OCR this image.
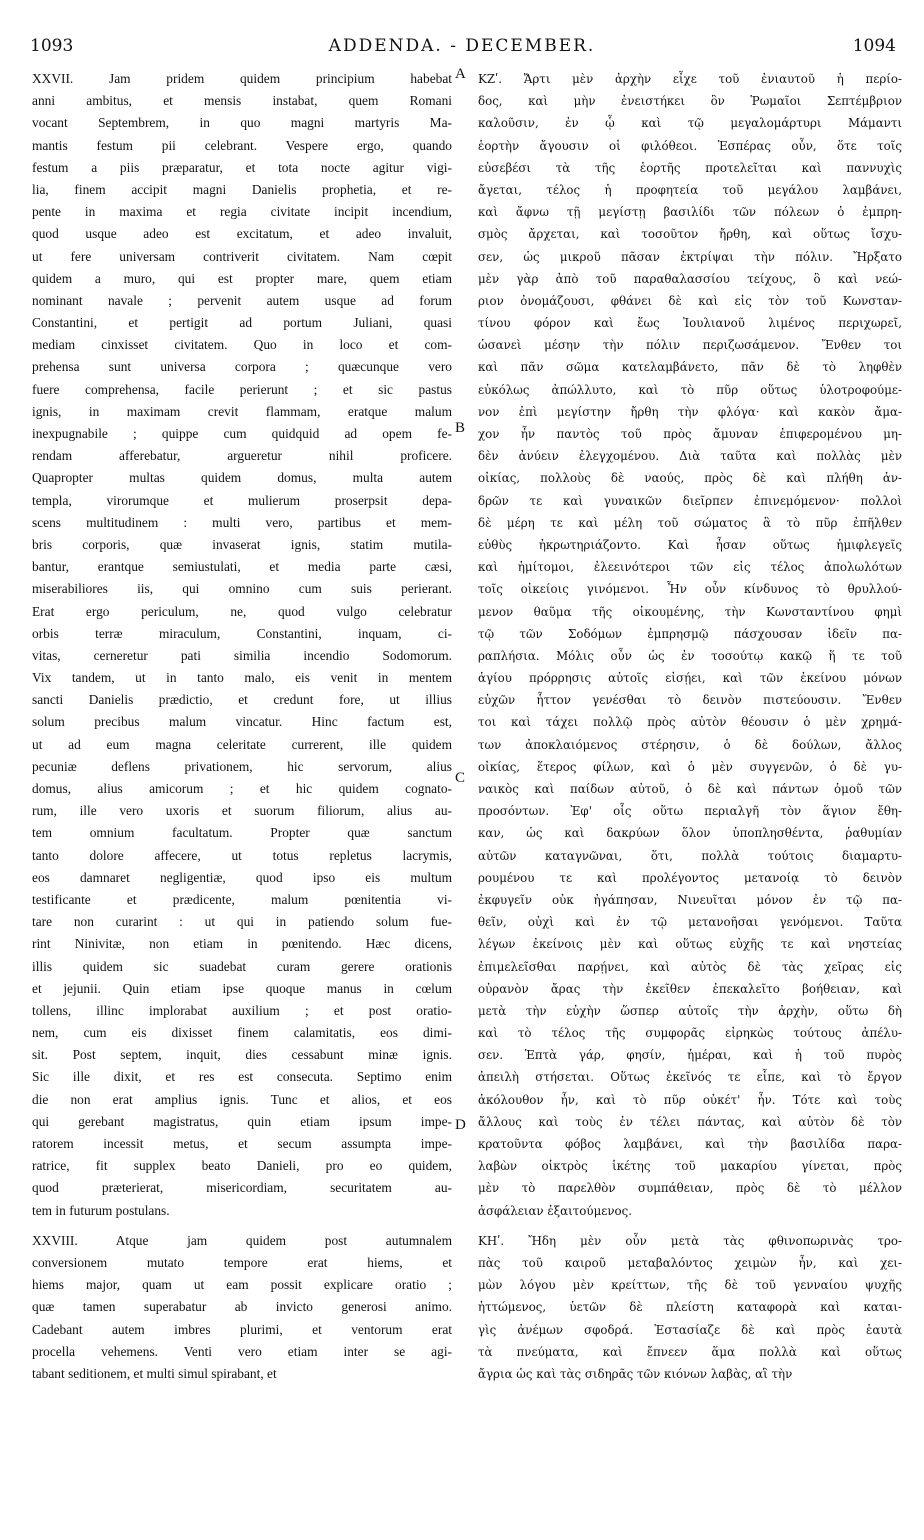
1093	ADDENDA. - DECEMBER.	1094
XXVII. Jam pridem quidem principium habebat
anni ambitus, et mensis instabat, quem Romani
vocant Septembrem, in quo magni martyris Ma-
mantis festum pii celebrant. Vespere ergo, quando
festum a piis præparatur, et tota nocte agitur vigi-
lia, finem accipit magni Danielis prophetia, et re-
pente in maxima et regia civitate incipit incendium,
quod usque adeo est excitatum, et adeo invaluit,
ut fere universam contriverit civitatem. Nam cœpit
quidem a muro, qui est propter mare, quem etiam
nominant navale ; pervenit autem usque ad forum
Constantini, et pertigit ad portum Juliani, quasi
mediam cinxisset civitatem. Quo in loco et com-
prehensa sunt universa corpora ; quæcunque vero
fuere comprehensa, facile perierunt ; et sic pastus
ignis, in maximam crevit flammam, eratque malum
inexpugnabile ; quippe cum quidquid ad opem fe-
rendam afferebatur, argueretur nihil proficere.
Quapropter multas quidem domus, multa autem
templa, virorumque et mulierum proserpsit depa-
scens multitudinem : multi vero, partibus et mem-
bris corporis, quæ invaserat ignis, statim mutila-
bantur, erantque semiustulati, et media parte cæsi,
miserabiliores iis, qui omnino cum suis perierant.
Erat ergo periculum, ne, quod vulgo celebratur
orbis terræ miraculum, Constantini, inquam, ci-
vitas, cerneretur pati similia incendio Sodomorum.
Vix tandem, ut in tanto malo, eis venit in mentem
sancti Danielis prædictio, et credunt fore, ut illius
solum precibus malum vincatur. Hinc factum est,
ut ad eum magna celeritate currerent, ille quidem
pecuniæ deflens privationem, hic servorum, alius
domus, alius amicorum ; et hic quidem cognato-
rum, ille vero uxoris et suorum filiorum, alius au-
tem omnium facultatum. Propter quæ sanctum
tanto dolore affecere, ut totus repletus lacrymis,
eos damnaret negligentiæ, quod ipso eis multum
testificante et prædicente, malum pœnitentia vi-
tare non curarint : ut qui in patiendo solum fue-
rint Ninivitæ, non etiam in pœnitendo. Hæc dicens,
illis quidem sic suadebat curam gerere orationis
et jejunii. Quin etiam ipse quoque manus in cœlum
tollens, illinc implorabat auxilium ; et post oratio-
nem, cum eis dixisset finem calamitatis, eos dimi-
sit. Post septem, inquit, dies cessabunt minæ ignis.
Sic ille dixit, et res est consecuta. Septimo enim
die non erat amplius ignis. Tunc et alios, et eos
qui gerebant magistratus, quin etiam ipsum impe-
ratorem incessit metus, et secum assumpta impe-
ratrice, fit supplex beato Danieli, pro eo quidem,
quod præterierat, misericordiam, securitatem au-
tem in futurum postulans.
XXVIII. Atque jam quidem post autumnalem
conversionem mutato tempore erat hiems, et
hiems major, quam ut eam possit explicare oratio ;
quæ tamen superabatur ab invicto generosi animo.
Cadebant autem imbres plurimi, et ventorum erat
procella vehemens. Venti vero etiam inter se agi-
tabant seditionem, et multi simul spirabant, et
ΚΖʹ. Ἄρτι μὲν ἀρχὴν εἶχε τοῦ ἐνιαυτοῦ ἡ περίο-
δος, καὶ μὴν ἐνειστήκει ὃν Ῥωμαῖοι Σεπτέμβριον
καλοῦσιν, ἐν ᾧ καὶ τῷ μεγαλομάρτυρι Μάμαντι
ἑορτὴν ἄγουσιν οἱ φιλόθεοι. Ἑσπέρας οὖν, ὅτε τοῖς
εὐσεβέσι τὰ τῆς ἑορτῆς προτελεῖται καὶ παννυχὶς
ἄγεται, τέλος ἡ προφητεία τοῦ μεγάλου λαμβάνει,
καὶ ἄφνω τῇ μεγίστῃ βασιλίδι τῶν πόλεων ὁ ἐμπρη-
σμὸς ἄρχεται, καὶ τοσοῦτον ἤρθη, καὶ οὕτως ἴσχυ-
σεν, ὡς μικροῦ πᾶσαν ἐκτρίψαι τὴν πόλιν. Ἤρξατο
μὲν γὰρ ἀπὸ τοῦ παραθαλασσίου τείχους, ὃ καὶ νεώ-
ριον ὀνομάζουσι, φθάνει δὲ καὶ εἰς τὸν τοῦ Κωνσταν-
τίνου φόρον καὶ ἕως Ἰουλιανοῦ λιμένος περιχωρεῖ,
ὡσανεὶ μέσην τὴν πόλιν περιζωσάμενον. Ἔνθεν τοι
καὶ πᾶν σῶμα κατελαμβάνετο, πᾶν δὲ τὸ ληφθὲν
εὐκόλως ἀπώλλυτο, καὶ τὸ πῦρ οὕτως ὑλοτροφούμε-
νον ἐπὶ μεγίστην ἤρθη τὴν φλόγα· καὶ κακὸν ἄμα-
χον ἦν παντὸς τοῦ πρὸς ἄμυναν ἐπιφερομένου μη-
δὲν ἀνύειν ἐλεγχομένου. Διὰ ταῦτα καὶ πολλὰς μὲν
οἰκίας, πολλοὺς δὲ ναούς, πρὸς δὲ καὶ πλήθη ἀν-
δρῶν τε καὶ γυναικῶν διεῖρπεν ἐπινεμόμενον· πολλοὶ
δὲ μέρη τε καὶ μέλη τοῦ σώματος ἃ τὸ πῦρ ἐπῆλθεν
εὐθὺς ἠκρωτηριάζοντο. Καὶ ἦσαν οὕτως ἡμιφλεγεῖς
καὶ ἡμίτομοι, ἐλεεινότεροι τῶν εἰς τέλος ἀπολωλότων
τοῖς οἰκείοις γινόμενοι. Ἦν οὖν κίνδυνος τὸ θρυλλού-
μενον θαῦμα τῆς οἰκουμένης, τὴν Κωνσταντίνου φημὶ
τῷ τῶν Σοδόμων ἐμπρησμῷ πάσχουσαν ἰδεῖν πα-
ραπλήσια. Μόλις οὖν ὡς ἐν τοσούτῳ κακῷ ἥ τε τοῦ
ἁγίου πρόρρησις αὐτοῖς εἰσῄει, καὶ τῶν ἐκείνου μόνων
εὐχῶν ἧττον γενέσθαι τὸ δεινὸν πιστεύουσιν. Ἔνθεν
τοι καὶ τάχει πολλῷ πρὸς αὐτὸν θέουσιν ὁ μὲν χρημά-
των ἀποκλαιόμενος στέρησιν, ὁ δὲ δούλων, ἄλλος
οἰκίας, ἕτερος φίλων, καὶ ὁ μὲν συγγενῶν, ὁ δὲ γυ-
ναικὸς καὶ παίδων αὐτοῦ, ὁ δὲ καὶ πάντων ὁμοῦ τῶν
προσόντων. Ἐφ' οἷς οὕτω περιαλγῆ τὸν ἅγιον ἔθη-
καν, ὡς καὶ δακρύων ὅλον ὑποπλησθέντα, ῥαθυμίαν
αὐτῶν καταγνῶναι, ὅτι, πολλὰ τούτοις διαμαρτυ-
ρουμένου τε καὶ προλέγοντος μετανοίᾳ τὸ δεινὸν
ἐκφυγεῖν οὐκ ἠγάπησαν, Νινευῖται μόνον ἐν τῷ πα-
θεῖν, οὐχὶ καὶ ἐν τῷ μετανοῆσαι γενόμενοι. Ταῦτα
λέγων ἐκείνοις μὲν καὶ οὕτως εὐχῆς τε καὶ νηστείας
ἐπιμελεῖσθαι παρῄνει, καὶ αὐτὸς δὲ τὰς χεῖρας εἰς
οὐρανὸν ἄρας τὴν ἐκεῖθεν ἐπεκαλεῖτο βοήθειαν, καὶ
μετὰ τὴν εὐχὴν ὥσπερ αὐτοῖς τὴν ἀρχὴν, οὕτω δὴ
καὶ τὸ τέλος τῆς συμφορᾶς εἰρηκὼς τούτους ἀπέλυ-
σεν. Ἑπτὰ γάρ, φησίν, ἡμέραι, καὶ ἡ τοῦ πυρὸς
ἀπειλὴ στήσεται. Οὕτως ἐκεῖνός τε εἶπε, καὶ τὸ ἔργον
ἀκόλουθον ἦν, καὶ τὸ πῦρ οὐκέτ' ἦν. Τότε καὶ τοὺς
ἄλλους καὶ τοὺς ἐν τέλει πάντας, καὶ αὐτὸν δὲ τὸν
κρατοῦντα φόβος λαμβάνει, καὶ τὴν βασιλίδα παρα-
λαβὼν οἰκτρὸς ἱκέτης τοῦ μακαρίου γίνεται, πρὸς
μὲν τὸ παρελθὸν συμπάθειαν, πρὸς δὲ τὸ μέλλον
ἀσφάλειαν ἐξαιτούμενος.
ΚΗʹ. Ἤδη μὲν οὖν μετὰ τὰς φθινοπωρινὰς τρο-
πὰς τοῦ καιροῦ μεταβαλόντος χειμὼν ἦν, καὶ χει-
μὼν λόγου μὲν κρείττων, τῆς δὲ τοῦ γενναίου ψυχῆς
ἡττώμενος, ὑετῶν δὲ πλείστη καταφορὰ καὶ καται-
γὶς ἀνέμων σφοδρά. Ἐστασίαζε δὲ καὶ πρὸς ἑαυτὰ
τὰ πνεύματα, καὶ ἔπνεεν ἅμα πολλὰ καὶ οὕτως
ἄγρια ὡς καὶ τὰς σιδηρᾶς τῶν κιόνων λαβὰς, αἳ τὴν
A
B
C
D
